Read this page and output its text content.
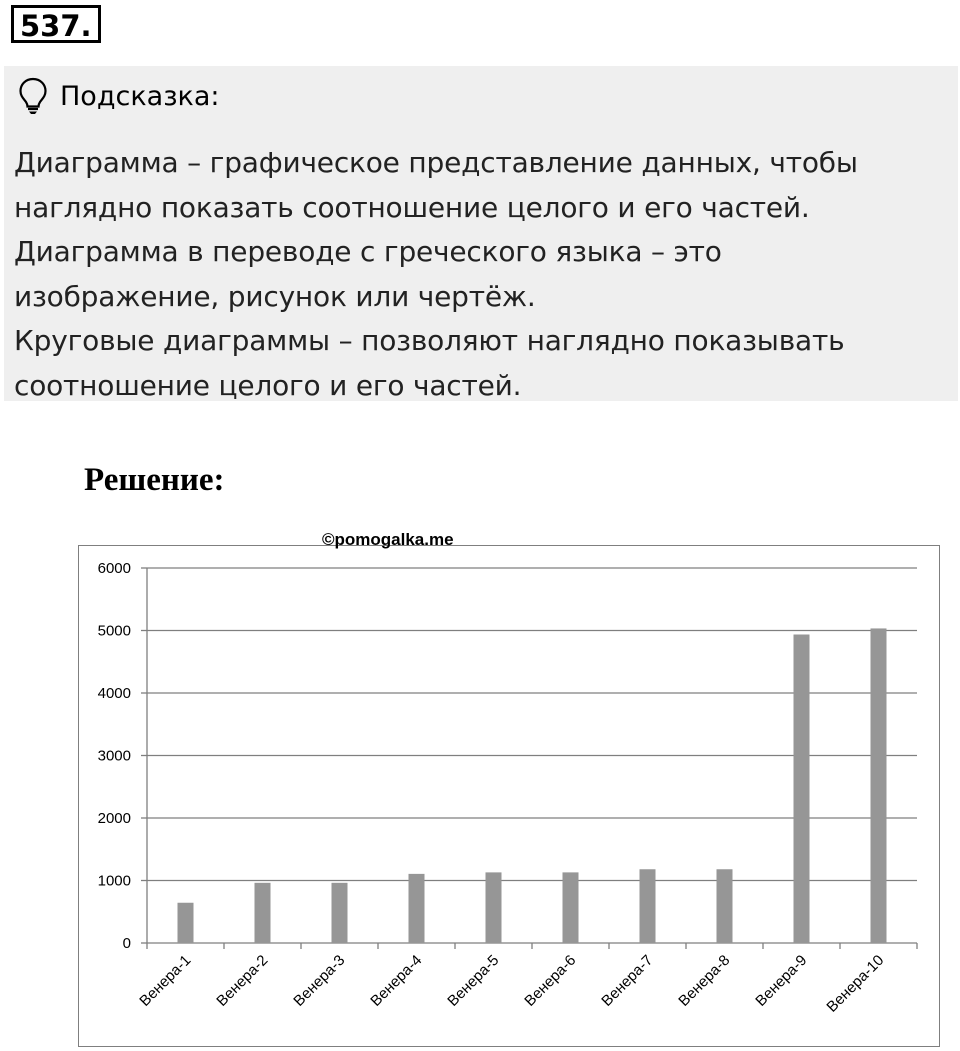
537.
Подсказка:

Диаграмма – графическое представление данных, чтобы

наглядно показать соотношение целого и его частей.

Диаграмма в переводе с греческого языка – это

изображение, рисунок или чертёж.

Круговые диаграммы – позволяют наглядно показывать

соотношение целого и его частей.

Решение:
©pomogalka.me
0
1000
2000
3000
4000
5000
6000
Венера-1 Венера-2 Венера-3 Венера-4 Венера-5 Венера-6 Венера-7 Венера-8 Венера-9 Венера-10
